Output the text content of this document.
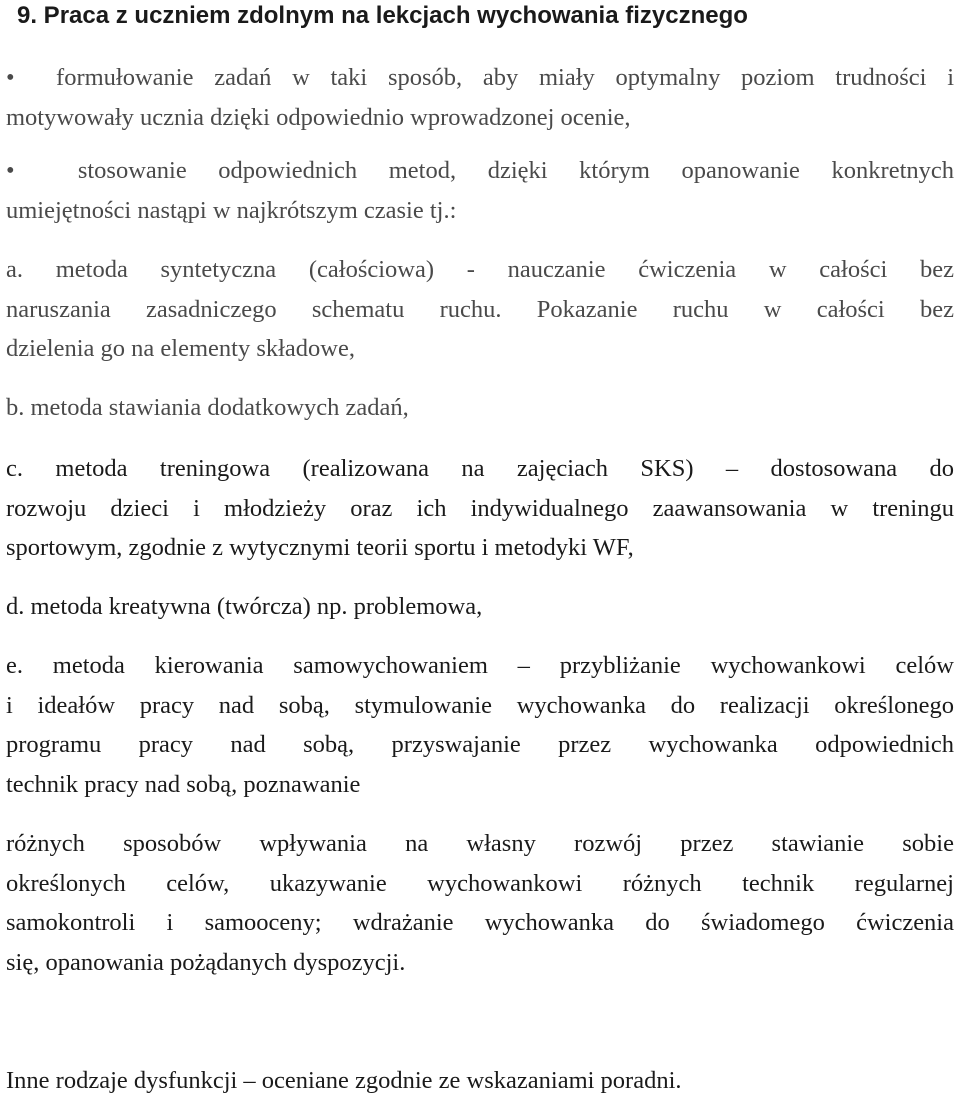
9. Praca z uczniem zdolnym na lekcjach wychowania fizycznego
• formułowanie zadań w taki sposób, aby miały optymalny poziom trudności i
motywowały ucznia dzięki odpowiednio wprowadzonej ocenie,
•	stosowanie odpowiednich metod, dzięki którym opanowanie konkretnych
umiejętności nastąpi w najkrótszym czasie tj.:
a. metoda syntetyczna (całościowa) - nauczanie ćwiczenia w całości bez
naruszania zasadniczego schematu ruchu. Pokazanie ruchu w całości bez
dzielenia go na elementy składowe,
b. metoda stawiania dodatkowych zadań,
c. metoda treningowa (realizowana na zajęciach SKS) – dostosowana do
rozwoju dzieci i młodzieży oraz ich indywidualnego zaawansowania w treningu
sportowym, zgodnie z wytycznymi teorii sportu i metodyki WF,
d. metoda kreatywna (twórcza) np. problemowa,
e. metoda kierowania samowychowaniem – przybliżanie wychowankowi celów
i ideałów pracy nad sobą, stymulowanie wychowanka do realizacji określonego
programu pracy nad sobą, przyswajanie przez wychowanka odpowiednich
technik pracy nad sobą, poznawanie
różnych sposobów wpływania na własny rozwój przez stawianie sobie
określonych celów, ukazywanie wychowankowi różnych technik regularnej
samokontroli i samooceny; wdrażanie wychowanka do świadomego ćwiczenia
się, opanowania pożądanych dyspozycji.
Inne rodzaje dysfunkcji – oceniane zgodnie ze wskazaniami poradni.
